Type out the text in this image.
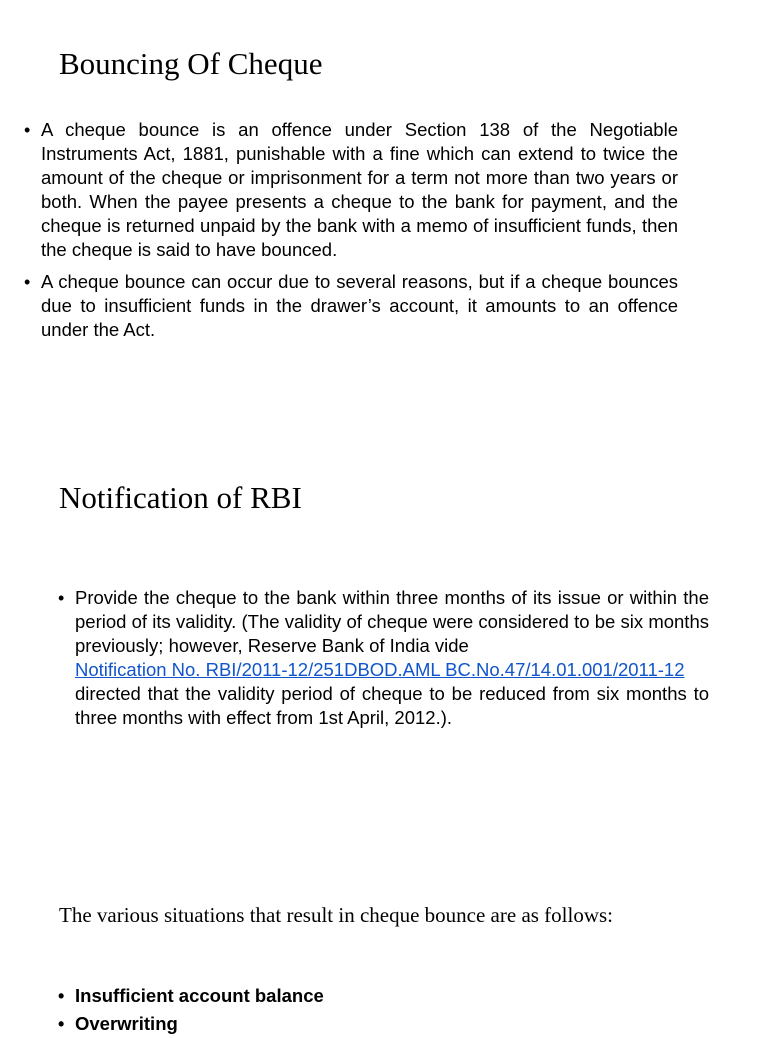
Bouncing Of Cheque
• A cheque bounce is an offence under Section 138 of the Negotiable Instruments Act, 1881, punishable with a fine which can extend to twice the amount of the cheque or imprisonment for a term not more than two years or both. When the payee presents a cheque to the bank for payment, and the cheque is returned unpaid by the bank with a memo of insufficient funds, then the cheque is said to have bounced.
• A cheque bounce can occur due to several reasons, but if a cheque bounces due to insufficient funds in the drawer’s account, it amounts to an offence under the Act.
Notification of RBI
• Provide the cheque to the bank within three months of its issue or within the period of its validity. (The validity of cheque were considered to be six months previously; however, Reserve Bank of India vide
Notification No. RBI/2011-12/251DBOD.AML BC.No.47/14.01.001/2011-12
directed that the validity period of cheque to be reduced from six months to three months with effect from 1st April, 2012.).
The various situations that result in cheque bounce are as follows:
• Insufficient account balance
• Overwriting
